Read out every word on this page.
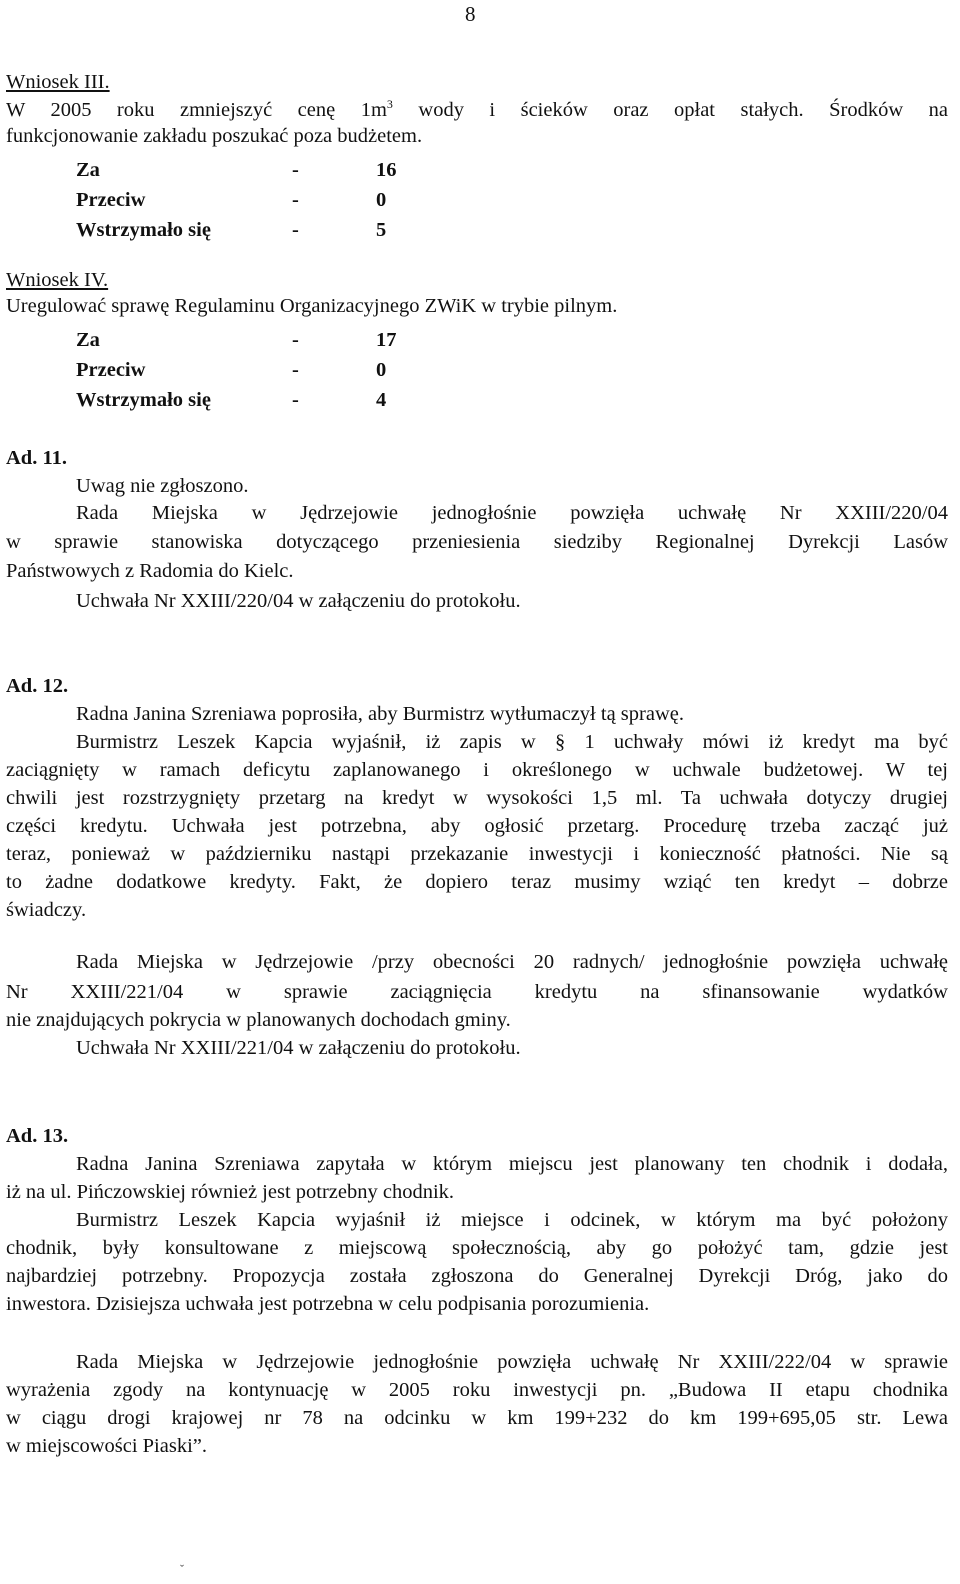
8
Wniosek III.
W 2005 roku zmniejszyć cenę $1m^3$ wody i ścieków oraz opłat stałych. Środków na
funkcjonowanie zakładu poszukać poza budżetem.
Za	-	16
Przeciw	-	0
Wstrzymało się	-	5
Wniosek IV.
Uregulować sprawę Regulaminu Organizacyjnego ZWiK w trybie pilnym.
Za	-	17
Przeciw	-	0
Wstrzymało się	-	4
Ad. 11.
Uwag nie zgłoszono.
Rada Miejska w Jędrzejowie jednogłośnie powzięła uchwałę Nr XXIII/220/04
w sprawie stanowiska dotyczącego przeniesienia siedziby Regionalnej Dyrekcji Lasów
Państwowych z Radomia do Kielc.
Uchwała Nr XXIII/220/04 w załączeniu do protokołu.
Ad. 12.
Radna Janina Szreniawa poprosiła, aby Burmistrz wytłumaczył tą sprawę.
Burmistrz Leszek Kapcia wyjaśnił, iż zapis w § 1 uchwały mówi iż kredyt ma być
zaciągnięty w ramach deficytu zaplanowanego i określonego w uchwale budżetowej. W tej
chwili jest rozstrzygnięty przetarg na kredyt w wysokości 1,5 ml. Ta uchwała dotyczy drugiej
części kredytu. Uchwała jest potrzebna, aby ogłosić przetarg. Procedurę trzeba zacząć już
teraz, ponieważ w październiku nastąpi przekazanie inwestycji i konieczność płatności. Nie są
to żadne dodatkowe kredyty. Fakt, że dopiero teraz musimy wziąć ten kredyt – dobrze
świadczy.
Rada Miejska w Jędrzejowie /przy obecności 20 radnych/ jednogłośnie powzięła uchwałę
Nr XXIII/221/04 w sprawie zaciągnięcia kredytu na sfinansowanie wydatków
nie znajdujących pokrycia w planowanych dochodach gminy.
Uchwała Nr XXIII/221/04 w załączeniu do protokołu.
Ad. 13.
Radna Janina Szreniawa zapytała w którym miejscu jest planowany ten chodnik i dodała,
iż na ul. Pińczowskiej również jest potrzebny chodnik.
Burmistrz Leszek Kapcia wyjaśnił iż miejsce i odcinek, w którym ma być położony
chodnik, były konsultowane z miejscową społecznością, aby go położyć tam, gdzie jest
najbardziej potrzebny. Propozycja została zgłoszona do Generalnej Dyrekcji Dróg, jako do
inwestora. Dzisiejsza uchwała jest potrzebna w celu podpisania porozumienia.
Rada Miejska w Jędrzejowie jednogłośnie powzięła uchwałę Nr XXIII/222/04 w sprawie
wyrażenia zgody na kontynuację w 2005 roku inwestycji pn. „Budowa II etapu chodnika
w ciągu drogi krajowej nr 78 na odcinku w km 199+232 do km 199+695,05 str. Lewa
w miejscowości Piaski”.
ˇ
